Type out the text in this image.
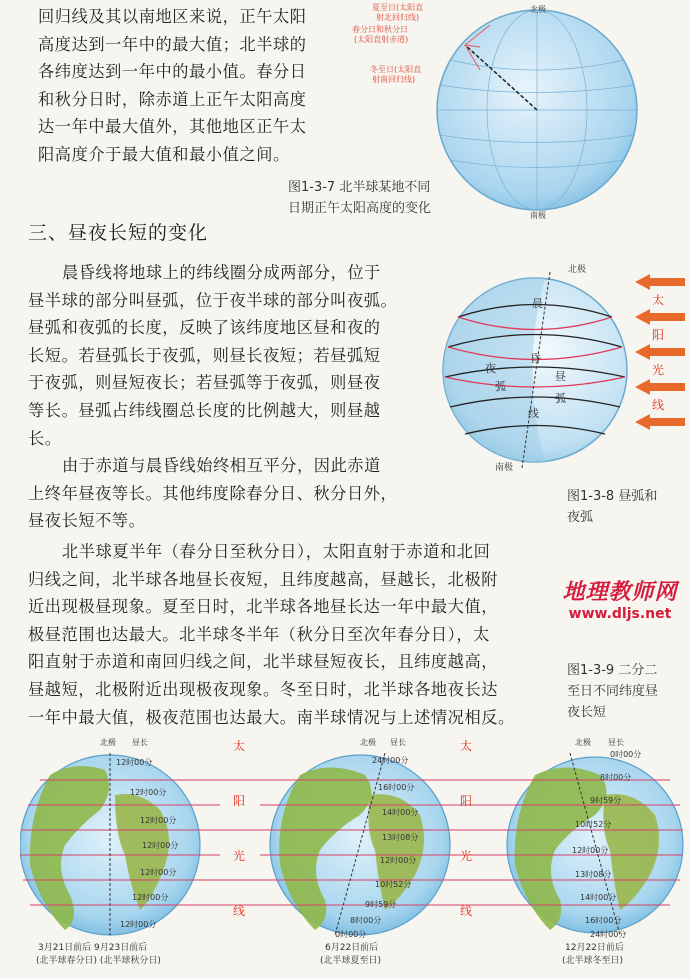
回归线及其以南地区来说，正午太阳

高度达到一年中的最大值；北半球的

各纬度达到一年中的最小值。春分日

和秋分日时，除赤道上正午太阳高度

达一年中最大值外，其他地区正午太

阳高度介于最大值和最小值之间。

北极
南极
夏至日(太阳直
射北回归线)
春分日和秋分日
(太阳直射赤道)
冬至日(太阳直
射南回归线)
图1-3-7 北半球某地不同
日期正午太阳高度的变化
三、昼夜长短的变化

晨昏线将地球上的纬线圈分成两部分，位于

昼半球的部分叫昼弧，位于夜半球的部分叫夜弧。

昼弧和夜弧的长度，反映了该纬度地区昼和夜的

长短。若昼弧长于夜弧，则昼长夜短；若昼弧短

于夜弧，则昼短夜长；若昼弧等于夜弧，则昼夜

等长。昼弧占纬线圈总长度的比例越大，则昼越

长。

由于赤道与晨昏线始终相互平分，因此赤道

上终年昼夜等长。其他纬度除春分日、秋分日外，

昼夜长短不等。

北极
南极
晨
昏
线
夜
弧
昼
弧
太
阳
光
线
图1-3-8 昼弧和
夜弧
地理教师网
www.dljs.net

北半球夏半年（春分日至秋分日），太阳直射于赤道和北回

归线之间，北半球各地昼长夜短，且纬度越高，昼越长，北极附

近出现极昼现象。夏至日时，北半球各地昼长达一年中最大值，

极昼范围也达最大。北半球冬半年（秋分日至次年春分日），太

阳直射于赤道和南回归线之间，北半球昼短夜长，且纬度越高，

昼越短，北极附近出现极夜现象。冬至日时，北半球各地夜长达

一年中最大值，极夜范围也达最大。南半球情况与上述情况相反。

图1-3-9 二分二
至日不同纬度昼
夜长短
北极 昼长
12时00分
12时00分
12时00分
12时00分
12时00分
12时00分
12时00分
3月21日前后 9月23日前后
(北半球春分日) (北半球秋分日)
太
阳
光
线
北极 昼长
24时00分
16时00分
14时00分
13时08分
12时00分
10时52分
9时59分
8时00分
0时00分
6月22日前后
(北半球夏至日)
太
阳
光
线
北极 昼长
0时00分
8时00分
9时59分
10时52分
12时00分
13时08分
14时00分
16时00分
24时00分
12月22日前后
(北半球冬至日)
